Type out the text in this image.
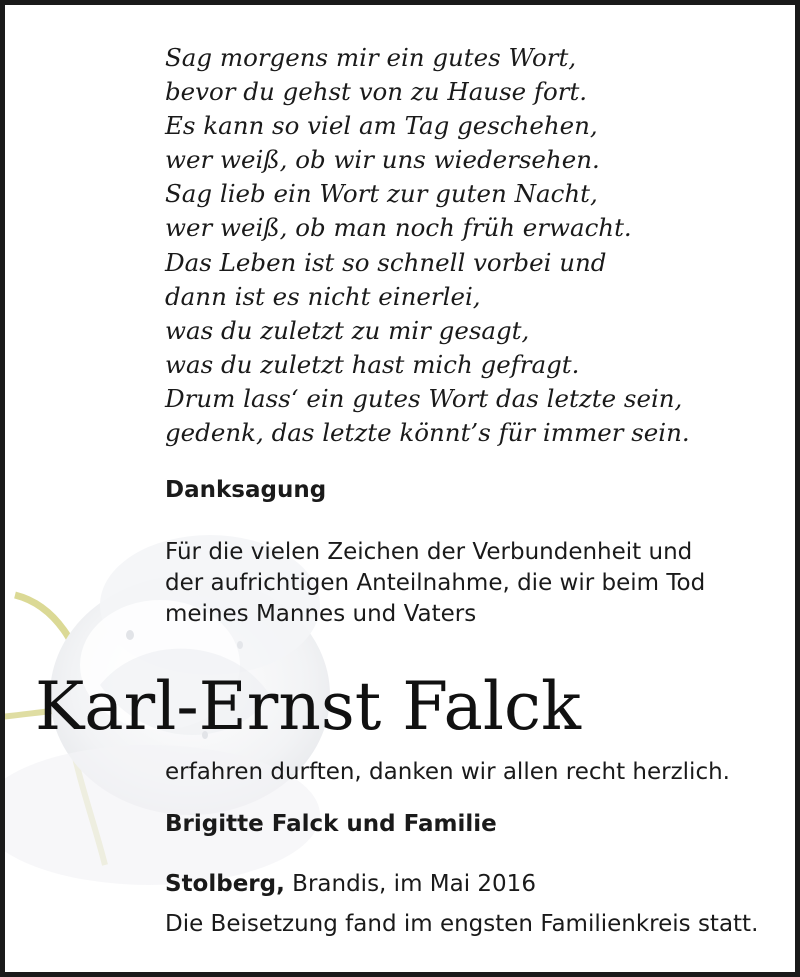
Sag morgens mir ein gutes Wort,
bevor du gehst von zu Hause fort.
Es kann so viel am Tag geschehen,
wer weiß, ob wir uns wiedersehen.
Sag lieb ein Wort zur guten Nacht,
wer weiß, ob man noch früh erwacht.
Das Leben ist so schnell vorbei und
dann ist es nicht einerlei,
was du zuletzt zu mir gesagt,
was du zuletzt hast mich gefragt.
Drum lass‘ ein gutes Wort das letzte sein,
gedenk, das letzte könnt’s für immer sein.
Danksagung
Für die vielen Zeichen der Verbundenheit und
der aufrichtigen Anteilnahme, die wir beim Tod
meines Mannes und Vaters
Karl-Ernst Falck
erfahren durften, danken wir allen recht herzlich.
Brigitte Falck und Familie
Stolberg, Brandis, im Mai 2016
Die Beisetzung fand im engsten Familienkreis statt.
